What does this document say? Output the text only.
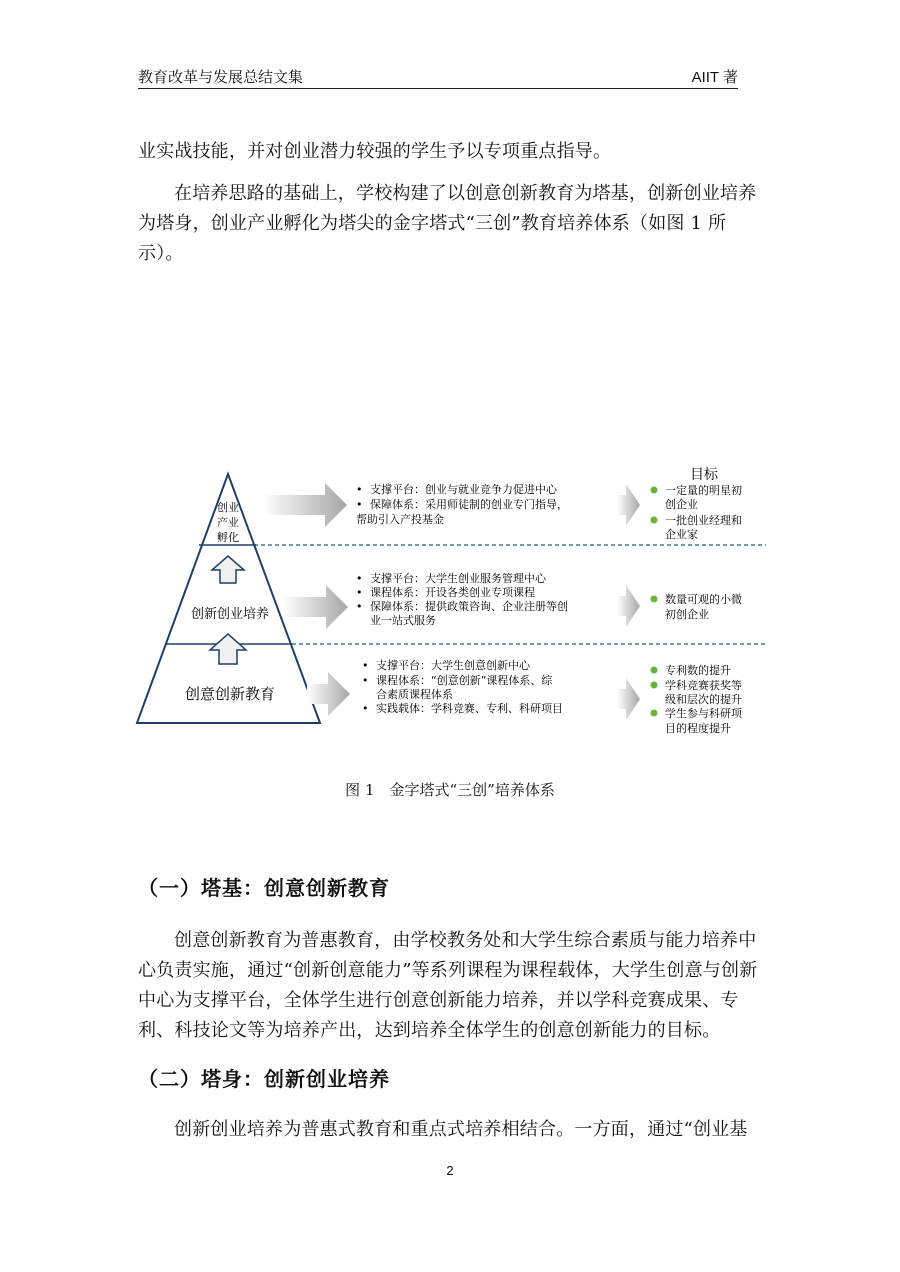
教育改革与发展总结文集	AIIT 著

业实战技能，并对创业潜力较强的学生予以专项重点指导。

在培养思路的基础上，学校构建了以创意创新教育为塔基，创新创业培养为塔身，创业产业孵化为塔尖的金字塔式“三创”教育培养体系（如图 1 所示）。

创业
产业
孵化
创新创业培养
创意创新教育
• 支撑平台：创业与就业竞争力促进中心
• 保障体系：采用师徒制的创业专门指导，
帮助引入产投基金
• 支撑平台：大学生创业服务管理中心
• 课程体系：开设各类创业专项课程
• 保障体系：提供政策咨询、企业注册等创
业一站式服务
• 支撑平台：大学生创意创新中心
• 课程体系：“创意创新”课程体系、综
合素质课程体系
• 实践载体：学科竞赛、专利、科研项目
目标
一定量的明星初
创企业
一批创业经理和
企业家
数量可观的小微
初创企业
专利数的提升
学科竞赛获奖等
级和层次的提升
学生参与科研项
目的程度提升
图 1　金字塔式“三创”培养体系
（一）塔基：创意创新教育

创意创新教育为普惠教育，由学校教务处和大学生综合素质与能力培养中心负责实施，通过“创新创意能力”等系列课程为课程载体，大学生创意与创新中心为支撑平台，全体学生进行创意创新能力培养，并以学科竞赛成果、专利、科技论文等为培养产出，达到培养全体学生的创意创新能力的目标。

（二）塔身：创新创业培养

创新创业培养为普惠式教育和重点式培养相结合。一方面，通过“创业基

2
